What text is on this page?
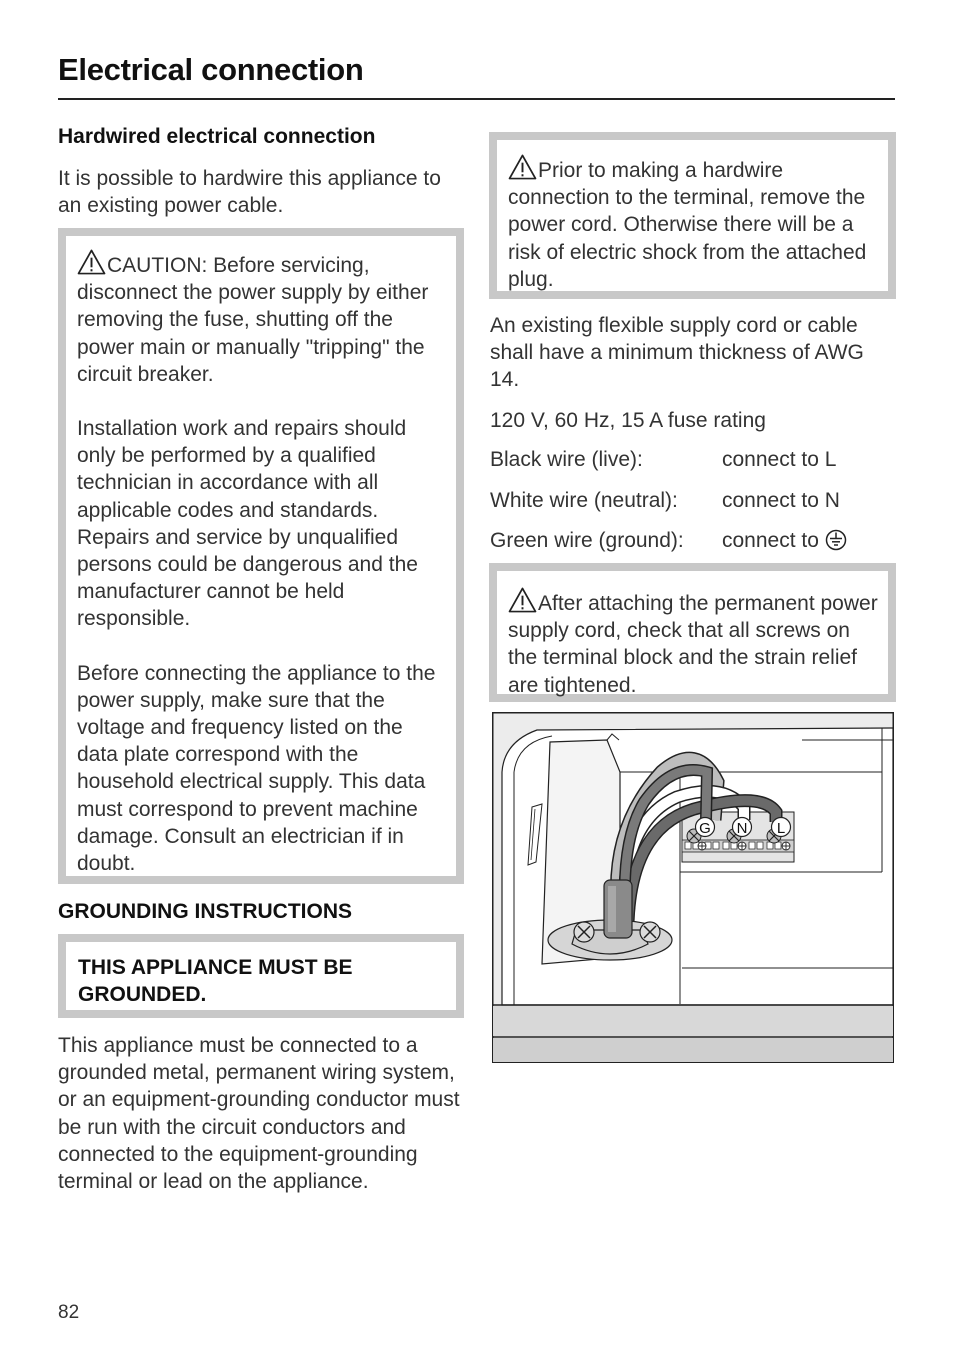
Electrical connection

Hardwired electrical connection

It is possible to hardwire this appliance to an existing power cable.

CAUTION: Before servicing, disconnect the power supply by either removing the fuse, shutting off the power main or manually "tripping" the circuit breaker.

Installation work and repairs should only be performed by a qualified technician in accordance with all applicable codes and standards. Repairs and service by unqualified persons could be dangerous and the manufacturer cannot be held responsible.

Before connecting the appliance to the power supply, make sure that the voltage and frequency listed on the data plate correspond with the household electrical supply. This data must correspond to prevent machine damage. Consult an electrician if in doubt.

GROUNDING INSTRUCTIONS

THIS APPLIANCE MUST BE GROUNDED.

This appliance must be connected to a grounded metal, permanent wiring system, or an equipment-grounding conductor must be run with the circuit conductors and connected to the equipment-grounding terminal or lead on the appliance.

Prior to making a hardwire connection to the terminal, remove the power cord. Otherwise there will be a risk of electric shock from the attached plug.

An existing flexible supply cord or cable shall have a minimum thickness of AWG 14.

120 V, 60 Hz, 15 A fuse rating

Black wire (live):	connect to L
White wire (neutral): connect to N
Green wire (ground): connect to

After attaching the permanent power supply cord, check that all screws on the terminal block and the strain relief are tightened.

G N L
82
